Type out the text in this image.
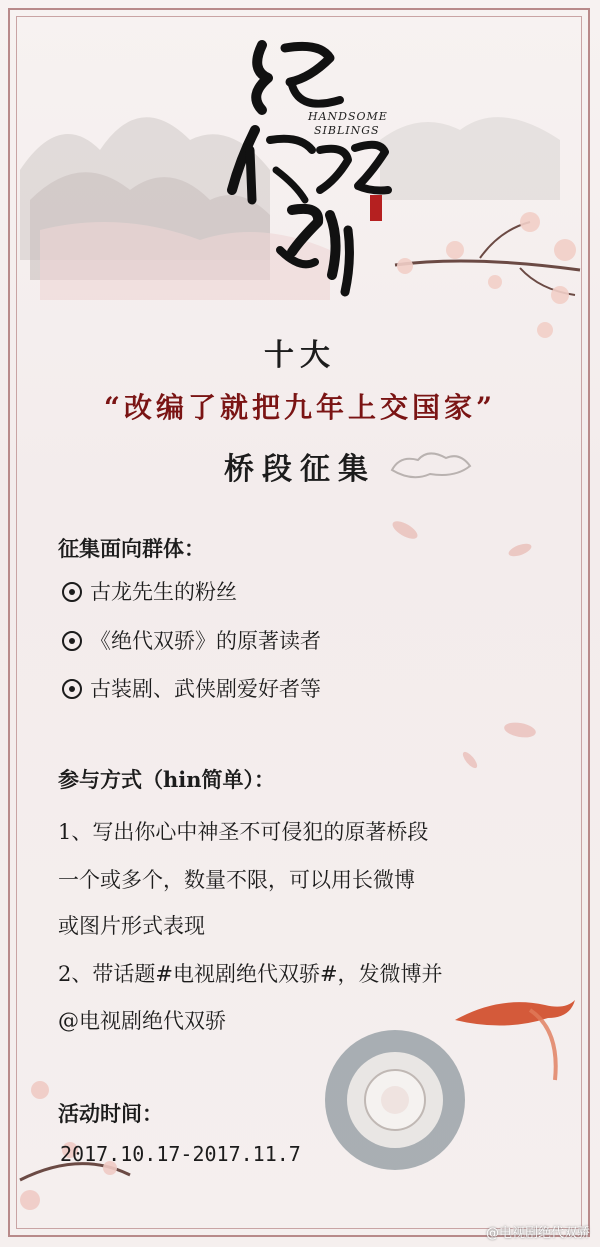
HANDSOME
SIBLINGS
十大
“改编了就把九年上交国家”
桥段征集
征集面向群体：
古龙先生的粉丝
《绝代双骄》的原著读者
古装剧、武侠剧爱好者等
参与方式（hin简单）：
1、写出你心中神圣不可侵犯的原著桥段
一个或多个，数量不限，可以用长微博
或图片形式表现
2、带话题#电视剧绝代双骄#，发微博并
@电视剧绝代双骄
活动时间：
2017.10.17-2017.11.7
@电视剧绝代双骄
